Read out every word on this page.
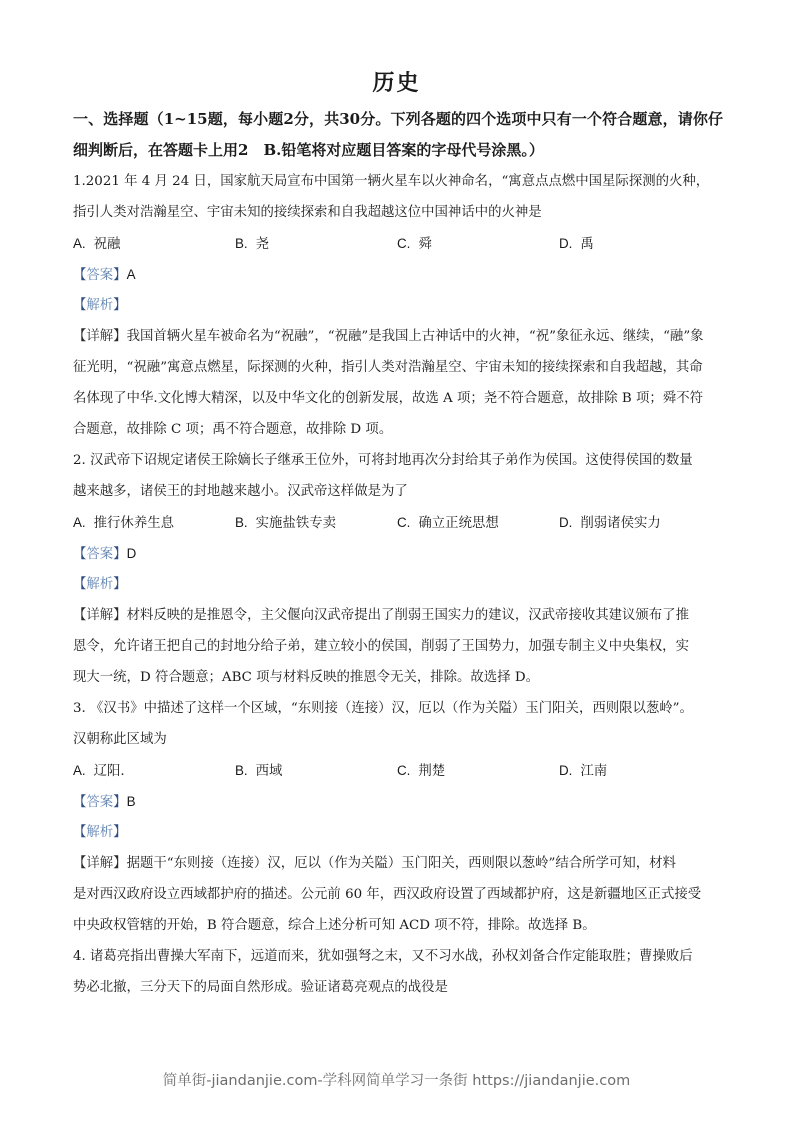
历史
一、选择题（1~15题，每小题2分，共30分。下列各题的四个选项中只有一个符合题意，请你仔细判断后，在答题卡上用2　B.铅笔将对应题目答案的字母代号涂黑。）
1.2021 年 4 月 24 日，国家航天局宣布中国第一辆火星车以火神命名，“寓意点点燃中国星际探测的火种，
指引人类对浩瀚星空、宇宙未知的接续探索和自我超越这位中国神话中的火神是
A. 祝融	B. 尧	C. 舜	D. 禹
【答案】A
【解析】
【详解】我国首辆火星车被命名为“祝融”，“祝融”是我国上古神话中的火神，“祝”象征永远、继续，“融”象
征光明，“祝融”寓意点燃星，际探测的火种，指引人类对浩瀚星空、宇宙未知的接续探索和自我超越，其命
名体现了中华.文化博大精深，以及中华文化的创新发展，故选 A 项；尧不符合题意，故排除 B 项；舜不符
合题意，故排除 C 项；禹不符合题意，故排除 D 项。
2. 汉武帝下诏规定诸侯王除嫡长子继承王位外，可将封地再次分封给其子弟作为侯国。这使得侯国的数量
越来越多，诸侯王的封地越来越小。汉武帝这样做是为了
A. 推行休养生息	B. 实施盐铁专卖	C. 确立正统思想	D. 削弱诸侯实力
【答案】D
【解析】
【详解】材料反映的是推恩令，主父偃向汉武帝提出了削弱王国实力的建议，汉武帝接收其建议颁布了推
恩令，允许诸王把自己的封地分给子弟，建立较小的侯国，削弱了王国势力，加强专制主义中央集权，实
现大一统，D 符合题意；ABC 项与材料反映的推恩令无关，排除。故选择 D。
3. 《汉书》中描述了这样一个区域，“东则接（连接）汉，厄以（作为关隘）玉门阳关，西则限以葱岭”。
汉朝称此区域为
A. 辽阳.	B. 西域	C. 荆楚	D. 江南
【答案】B
【解析】
【详解】据题干“东则接（连接）汉，厄以（作为关隘）玉门阳关，西则限以葱岭”结合所学可知，材料
是对西汉政府设立西域都护府的描述。公元前 60 年，西汉政府设置了西域都护府，这是新疆地区正式接受
中央政权管辖的开始，B 符合题意，综合上述分析可知 ACD 项不符，排除。故选择 B。
4. 诸葛亮指出曹操大军南下，远道而来，犹如强弩之末，又不习水战，孙权刘备合作定能取胜；曹操败后
势必北撤，三分天下的局面自然形成。验证诸葛亮观点的战役是
简单街-jiandanjie.com-学科网简单学习一条街 https://jiandanjie.com
